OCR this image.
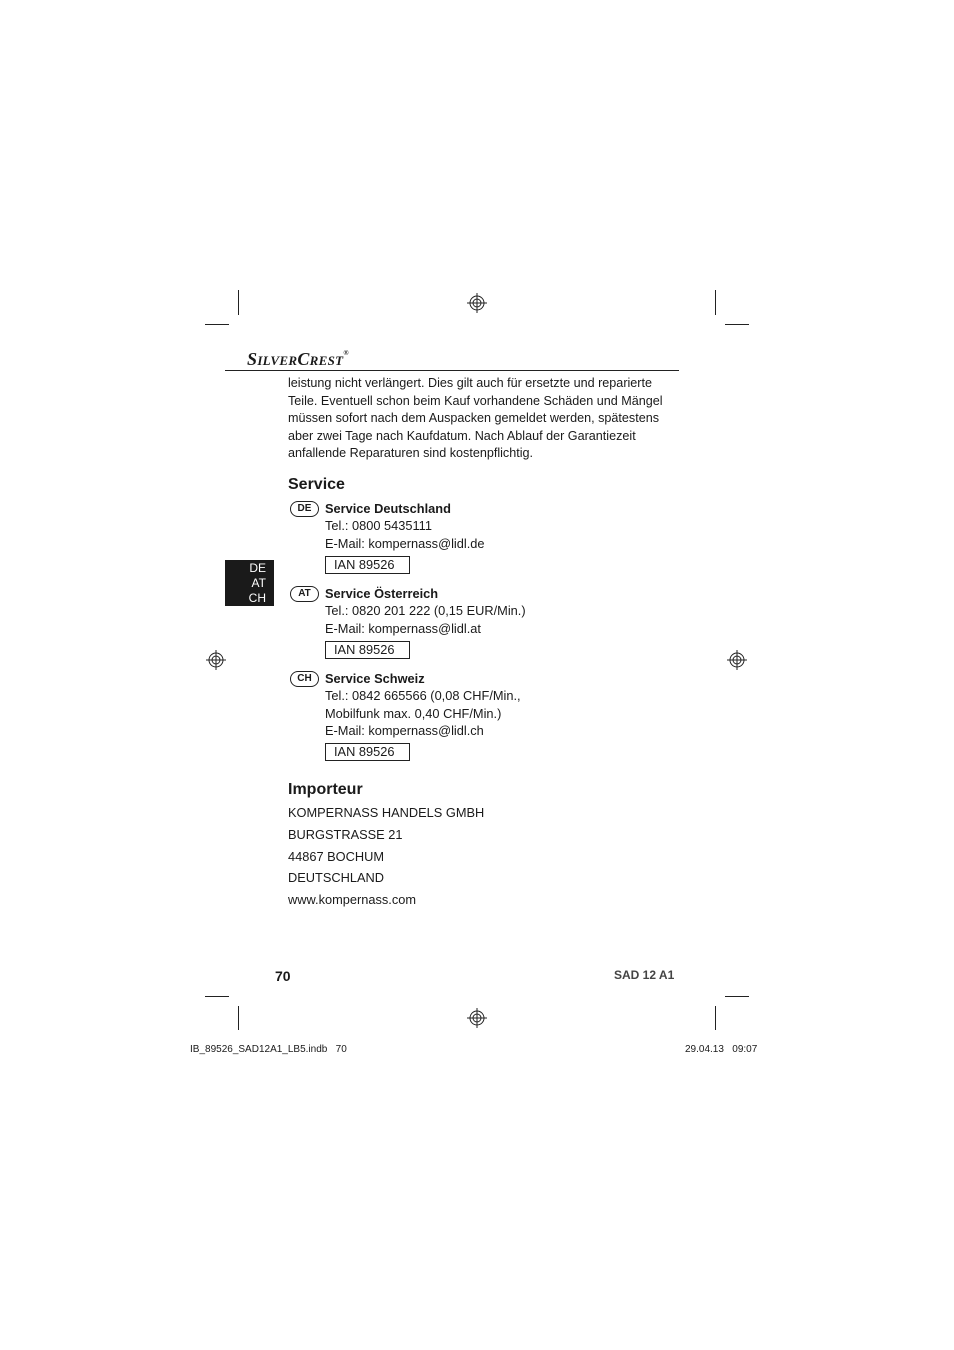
SILVERCREST®
leistung nicht verlängert. Dies gilt auch für ersetzte und reparierte
Teile. Eventuell schon beim Kauf vorhandene Schäden und Mängel
müssen sofort nach dem Auspacken gemeldet werden, spätestens
aber zwei Tage nach Kaufdatum. Nach Ablauf der Garantiezeit
anfallende Reparaturen sind kostenpflichtig.
Service
DE	Service Deutschland
Tel.: 0800 5435111
E-Mail: kompernass@lidl.de
IAN 89526
AT	Service Österreich
Tel.: 0820 201 222 (0,15 EUR/Min.)
E-Mail: kompernass@lidl.at
IAN 89526
CH	Service Schweiz
Tel.: 0842 665566 (0,08 CHF/Min.,
Mobilfunk max. 0,40 CHF/Min.)
E-Mail: kompernass@lidl.ch
IAN 89526
DE
AT
CH
Importeur
KOMPERNASS HANDELS GMBH
BURGSTRASSE 21
44867 BOCHUM
DEUTSCHLAND
www.kompernass.com
70	SAD 12 A1
IB_89526_SAD12A1_LB5.indb   70	29.04.13   09:07
